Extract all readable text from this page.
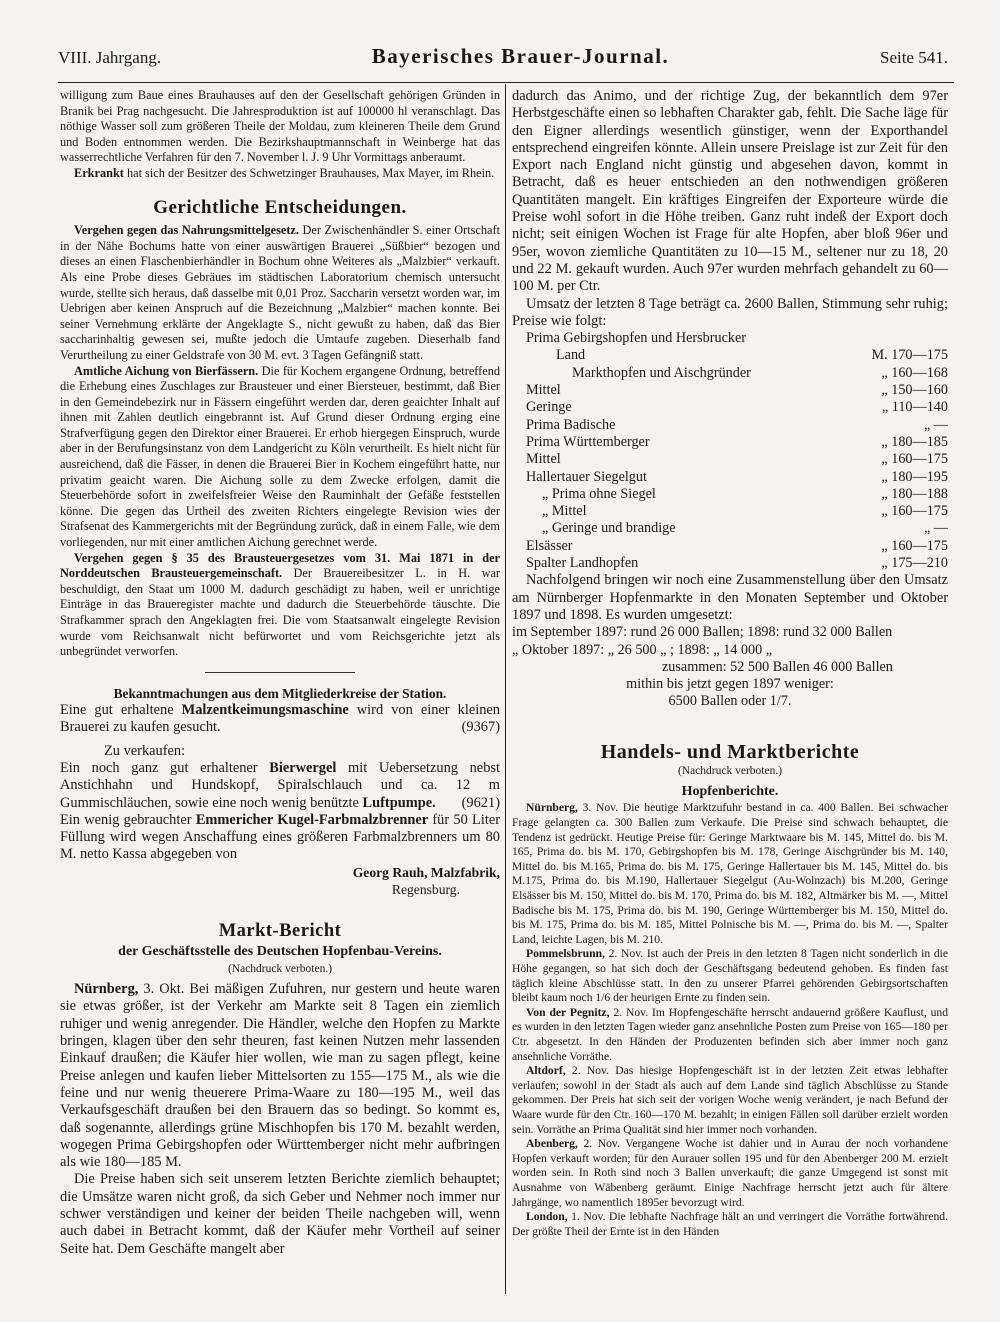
VIII. Jahrgang.	Bayerisches Brauer-Journal.	Seite 541.

willigung zum Baue eines Brauhauses auf den der Gesellschaft gehörigen Gründen in Branik bei Prag nachgesucht. Die Jahresproduktion ist auf 100000 hl veranschlagt. Das nöthige Wasser soll zum größeren Theile der Moldau, zum kleineren Theile dem Grund und Boden entnommen werden. Die Bezirkshauptmannschaft in Weinberge hat das wasserrechtliche Verfahren für den 7. November l. J. 9 Uhr Vormittags anberaumt.

Erkrankt hat sich der Besitzer des Schwetzinger Brauhauses, Max Mayer, im Rhein.

Gerichtliche Entscheidungen.

Vergehen gegen das Nahrungsmittelgesetz. Der Zwischenhändler S. einer Ortschaft in der Nähe Bochums hatte von einer auswärtigen Brauerei „Süßbier“ bezogen und dieses an einen Flaschenbierhändler in Bochum ohne Weiteres als „Malzbier“ verkauft. Als eine Probe dieses Gebräues im städtischen Laboratorium chemisch untersucht wurde, stellte sich heraus, daß dasselbe mit 0,01 Proz. Saccharin versetzt worden war, im Uebrigen aber keinen Anspruch auf die Bezeichnung „Malzbier“ machen konnte. Bei seiner Vernehmung erklärte der Angeklagte S., nicht gewußt zu haben, daß das Bier saccharinhaltig gewesen sei, mußte jedoch die Umtaufe zugeben. Dieserhalb fand Verurtheilung zu einer Geldstrafe von 30 M. evt. 3 Tagen Gefängniß statt.

Amtliche Aichung von Bierfässern. Die für Kochem ergangene Ordnung, betreffend die Erhebung eines Zuschlages zur Brausteuer und einer Biersteuer, bestimmt, daß Bier in den Gemeindebezirk nur in Fässern eingeführt werden dar, deren geaichter Inhalt auf ihnen mit Zahlen deutlich eingebrannt ist. Auf Grund dieser Ordnung erging eine Strafverfügung gegen den Direktor einer Brauerei. Er erhob hiergegen Einspruch, wurde aber in der Berufungsinstanz von dem Landgericht zu Köln verurtheilt. Es hielt nicht für ausreichend, daß die Fässer, in denen die Brauerei Bier in Kochem eingeführt hatte, nur privatim geaicht waren. Die Aichung solle zu dem Zwecke erfolgen, damit die Steuerbehörde sofort in zweifelsfreier Weise den Rauminhalt der Gefäße feststellen könne. Die gegen das Urtheil des zweiten Richters eingelegte Revision wies der Strafsenat des Kammergerichts mit der Begründung zurück, daß in einem Falle, wie dem vorliegenden, nur mit einer amtlichen Aichung gerechnet werde.

Vergehen gegen § 35 des Brausteuergesetzes vom 31. Mai 1871 in der Norddeutschen Brausteuergemeinschaft. Der Brauereibesitzer L. in H. war beschuldigt, den Staat um 1000 M. dadurch geschädigt zu haben, weil er unrichtige Einträge in das Braueregister machte und dadurch die Steuerbehörde täuschte. Die Strafkammer sprach den Angeklagten frei. Die vom Staatsanwalt eingelegte Revision wurde vom Reichsanwalt nicht befürwortet und vom Reichsgerichte jetzt als unbegründet verworfen.

Bekanntmachungen aus dem Mitgliederkreise der Station.

Eine gut erhaltene Malzentkeimungsmaschine wird von einer kleinen Brauerei zu kaufen gesucht.	(9367)

Zu verkaufen:

Ein noch ganz gut erhaltener Bierwergel mit Uebersetzung nebst Anstichhahn und Hundskopf, Spiralschlauch und ca. 12 m Gummischläuchen, sowie eine noch wenig benützte Luftpumpe. (9621)

Ein wenig gebrauchter Emmericher Kugel-Farbmalzbrenner für 50 Liter Füllung wird wegen Anschaffung eines größeren Farbmalzbrenners um 80 M. netto Kassa abgegeben von

Georg Rauh, Malzfabrik,

Regensburg.

Markt-Bericht
der Geschäftsstelle des Deutschen Hopfenbau-Vereins.
(Nachdruck verboten.)

Nürnberg, 3. Okt. Bei mäßigen Zufuhren, nur gestern und heute waren sie etwas größer, ist der Verkehr am Markte seit 8 Tagen ein ziemlich ruhiger und wenig anregender. Die Händler, welche den Hopfen zu Markte bringen, klagen über den sehr theuren, fast keinen Nutzen mehr lassenden Einkauf draußen; die Käufer hier wollen, wie man zu sagen pflegt, keine Preise anlegen und kaufen lieber Mittelsorten zu 155—175 M., als wie die feine und nur wenig theuerere Prima-Waare zu 180—195 M., weil das Verkaufsgeschäft draußen bei den Brauern das so bedingt. So kommt es, daß sogenannte, allerdings grüne Mischhopfen bis 170 M. bezahlt werden, wogegen Prima Gebirgshopfen oder Württemberger nicht mehr aufbringen als wie 180—185 M.

Die Preise haben sich seit unserem letzten Berichte ziemlich behauptet; die Umsätze waren nicht groß, da sich Geber und Nehmer noch immer nur schwer verständigen und keiner der beiden Theile nachgeben will, wenn auch dabei in Betracht kommt, daß der Käufer mehr Vortheil auf seiner Seite hat. Dem Geschäfte mangelt aber

dadurch das Animo, und der richtige Zug, der bekanntlich dem 97er Herbstgeschäfte einen so lebhaften Charakter gab, fehlt. Die Sache läge für den Eigner allerdings wesentlich günstiger, wenn der Exporthandel entsprechend eingreifen könnte. Allein unsere Preislage ist zur Zeit für den Export nach England nicht günstig und abgesehen davon, kommt in Betracht, daß es heuer entschieden an den nothwendigen größeren Quantitäten mangelt. Ein kräftiges Eingreifen der Exporteure würde die Preise wohl sofort in die Höhe treiben. Ganz ruht indeß der Export doch nicht; seit einigen Wochen ist Frage für alte Hopfen, aber bloß 96er und 95er, wovon ziemliche Quantitäten zu 10—15 M., seltener nur zu 18, 20 und 22 M. gekauft wurden. Auch 97er wurden mehrfach gehandelt zu 60—100 M. per Ctr.

Umsatz der letzten 8 Tage beträgt ca. 2600 Ballen, Stimmung sehr ruhig; Preise wie folgt:

Prima Gebirgshopfen und Hersbrucker	
Land	M. 170—175
Markthopfen und Aischgründer	„ 160—168
Mittel	„ 150—160
Geringe	„ 110—140
Prima Badische	„ —
Prima Württemberger	„ 180—185
Mittel	„ 160—175
Hallertauer Siegelgut	„ 180—195
„ Prima ohne Siegel	„ 180—188
„ Mittel	„ 160—175
„ Geringe und brandige	„ —
Elsässer	„ 160—175
Spalter Landhopfen	„ 175—210

Nachfolgend bringen wir noch eine Zusammenstellung über den Umsatz am Nürnberger Hopfenmarkte in den Monaten September und Oktober 1897 und 1898. Es wurden umgesetzt:

im September 1897: rund 26 000 Ballen; 1898: rund 32 000 Ballen

„ Oktober 1897: „ 26 500 „ ; 1898: „ 14 000 „

zusammen: 52 500 Ballen 46 000 Ballen

mithin bis jetzt gegen 1897 weniger:

6500 Ballen oder 1/7.

Handels- und Marktberichte
(Nachdruck verboten.)
Hopfenberichte.

Nürnberg, 3. Nov. Die heutige Marktzufuhr bestand in ca. 400 Ballen. Bei schwacher Frage gelangten ca. 300 Ballen zum Verkaufe. Die Preise sind schwach behauptet, die Tendenz ist gedrückt. Heutige Preise für: Geringe Marktwaare bis M. 145, Mittel do. bis M. 165, Prima do. bis M. 170, Gebirgshopfen bis M. 178, Geringe Aischgründer bis M. 140, Mittel do. bis M.165, Prima do. bis M. 175, Geringe Hallertauer bis M. 145, Mittel do. bis M.175, Prima do. bis M.190, Hallertauer Siegelgut (Au-Wolnzach) bis M.200, Geringe Elsässer bis M. 150, Mittel do. bis M. 170, Prima do. bis M. 182, Altmärker bis M. —, Mittel Badische bis M. 175, Prima do. bis M. 190, Geringe Württemberger bis M. 150, Mittel do. bis M. 175, Prima do. bis M. 185, Mittel Polnische bis M. —, Prima do. bis M. —, Spalter Land, leichte Lagen, bis M. 210.

Pommelsbrunn, 2. Nov. Ist auch der Preis in den letzten 8 Tagen nicht sonderlich in die Höhe gegangen, so hat sich doch der Geschäftsgang bedeutend gehoben. Es finden fast täglich kleine Abschlüsse statt. In den zu unserer Pfarrei gehörenden Gebirgsortschaften bleibt kaum noch 1/6 der heurigen Ernte zu finden sein.

Von der Pegnitz, 2. Nov. Im Hopfengeschäfte herrscht andauernd größere Kauflust, und es wurden in den letzten Tagen wieder ganz ansehnliche Posten zum Preise von 165—180 per Ctr. abgesetzt. In den Händen der Produzenten befinden sich aber immer noch ganz ansehnliche Vorräthe.

Altdorf, 2. Nov. Das hiesige Hopfengeschäft ist in der letzten Zeit etwas lebhafter verlaufen; sowohl in der Stadt als auch auf dem Lande sind täglich Abschlüsse zu Stande gekommen. Der Preis hat sich seit der vorigen Woche wenig verändert, je nach Befund der Waare wurde für den Ctr. 160—170 M. bezahlt; in einigen Fällen soll darüber erzielt worden sein. Vorräthe an Prima Qualität sind hier immer noch vorhanden.

Abenberg, 2. Nov. Vergangene Woche ist dahier und in Aurau der noch vorhandene Hopfen verkauft worden; für den Aurauer sollen 195 und für den Abenberger 200 M. erzielt worden sein. In Roth sind noch 3 Ballen unverkauft; die ganze Umgegend ist sonst mit Ausnahme von Wäbenberg geräumt. Einige Nachfrage herrscht jetzt auch für ältere Jahrgänge, wo namentlich 1895er bevorzugt wird.

London, 1. Nov. Die lebhafte Nachfrage hält an und verringert die Vorräthe fortwährend. Der größte Theil der Ernte ist in den Händen
